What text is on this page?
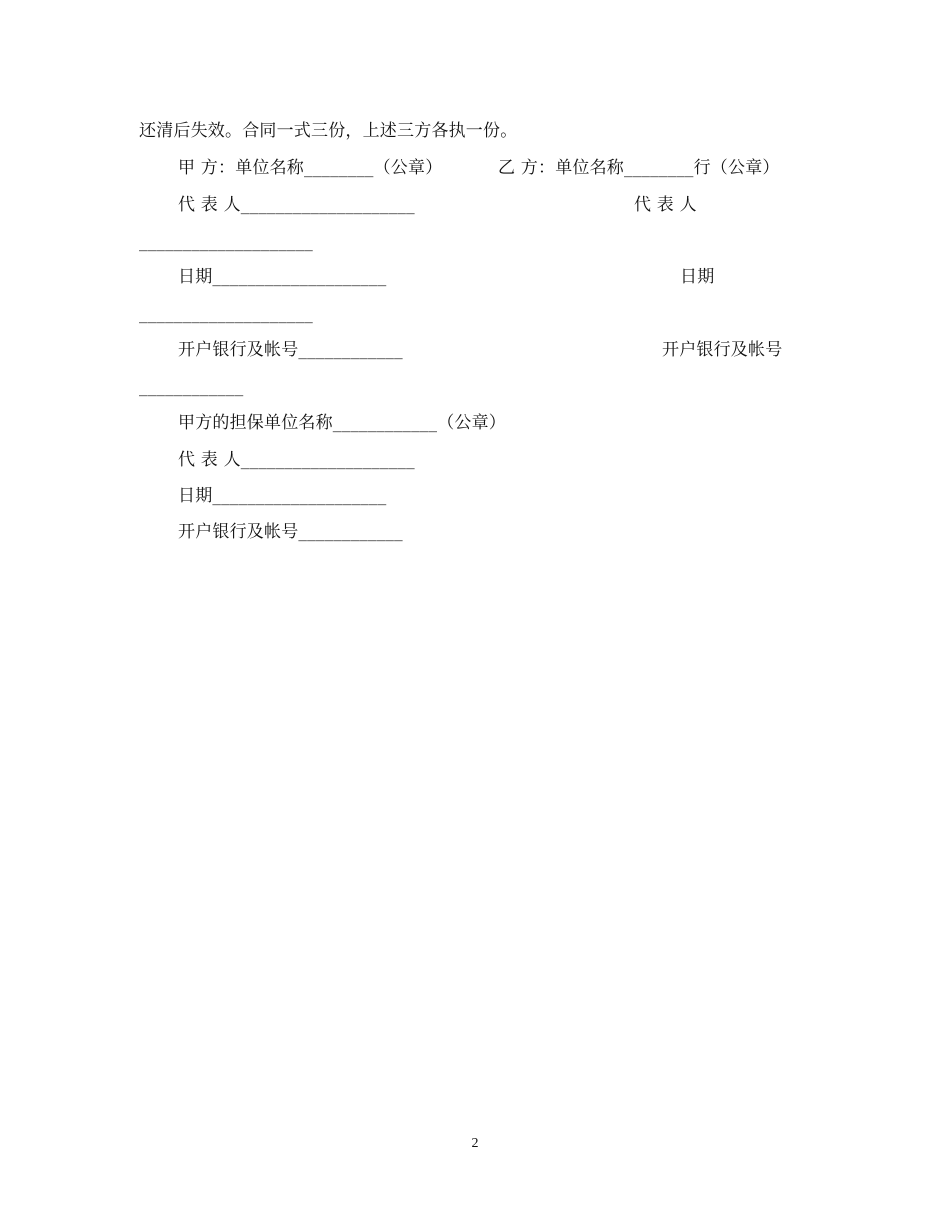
还清后失效。合同一式三份，上述三方各执一份。
甲 方：单位名称________（公章）	乙 方：单位名称________行（公章）
代 表 人____________________	代 表 人
____________________
日期____________________	日期
____________________
开户银行及帐号____________	开户银行及帐号
____________
甲方的担保单位名称____________（公章）
代 表 人____________________
日期____________________
开户银行及帐号____________
2
